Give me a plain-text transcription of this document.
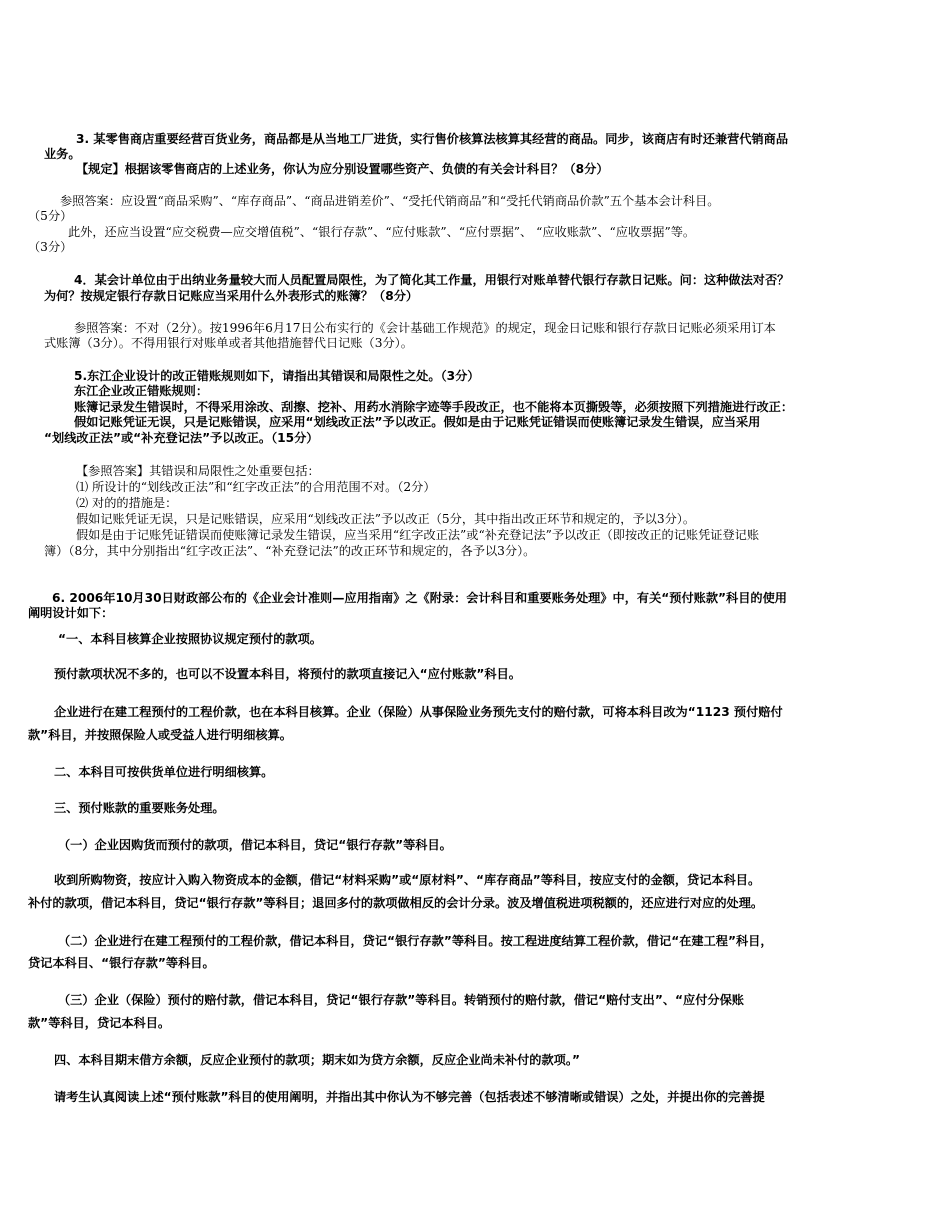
3. 某零售商店重要经营百货业务，商品都是从当地工厂进货，实行售价核算法核算其经营的商品。同步，该商店有时还兼营代销商品
业务。
【规定】根据该零售商店的上述业务，你认为应分别设置哪些资产、负债的有关会计科目？（8分）
参照答案：应设置“商品采购”、“库存商品”、“商品进销差价”、“受托代销商品”和“受托代销商品价款”五个基本会计科目。
（5分）
此外，还应当设置“应交税费—应交增值税”、“银行存款”、“应付账款”、“应付票据”、 “应收账款”、“应收票据”等。
（3分）
4．某会计单位由于出纳业务量较大而人员配置局限性，为了简化其工作量，用银行对账单替代银行存款日记账。问：这种做法对否？
为何？按规定银行存款日记账应当采用什么外表形式的账簿？（8分）
参照答案：不对（2分）。按1996年6月17日公布实行的《会计基础工作规范》的规定，现金日记账和银行存款日记账必须采用订本
式账簿（3分）。不得用银行对账单或者其他措施替代日记账（3分）。
5.东江企业设计的改正错账规则如下，请指出其错误和局限性之处。（3分）
东江企业改正错账规则：
账簿记录发生错误时，不得采用涂改、刮擦、挖补、用药水消除字迹等手段改正，也不能将本页撕毁等，必须按照下列措施进行改正：
假如记账凭证无误，只是记账错误，应采用“划线改正法”予以改正。假如是由于记账凭证错误而使账簿记录发生错误，应当采用
“划线改正法”或“补充登记法”予以改正。（15分）
【参照答案】其错误和局限性之处重要包括：
⑴ 所设计的“划线改正法”和“红字改正法”的合用范围不对。（2分）
⑵ 对的的措施是：
假如记账凭证无误，只是记账错误，应采用“划线改正法”予以改正（5分，其中指出改正环节和规定的，予以3分）。
假如是由于记账凭证错误而使账簿记录发生错误，应当采用“红字改正法”或“补充登记法”予以改正（即按改正的记账凭证登记账
簿）（8分，其中分别指出“红字改正法”、“补充登记法”的改正环节和规定的，各予以3分）。
6. 2006年10月30日财政部公布的《企业会计准则—应用指南》之《附录：会计科目和重要账务处理》中，有关“预付账款”科目的使用
阐明设计如下：
“一、本科目核算企业按照协议规定预付的款项。
预付款项状况不多的，也可以不设置本科目，将预付的款项直接记入“应付账款”科目。
企业进行在建工程预付的工程价款，也在本科目核算。企业（保险）从事保险业务预先支付的赔付款，可将本科目改为“1123 预付赔付
款”科目，并按照保险人或受益人进行明细核算。
二、本科目可按供货单位进行明细核算。
三、预付账款的重要账务处理。
（一）企业因购货而预付的款项，借记本科目，贷记“银行存款”等科目。
收到所购物资，按应计入购入物资成本的金额，借记“材料采购”或“原材料”、“库存商品”等科目，按应支付的金额，贷记本科目。
补付的款项，借记本科目，贷记“银行存款”等科目；退回多付的款项做相反的会计分录。波及增值税进项税额的，还应进行对应的处理。
（二）企业进行在建工程预付的工程价款，借记本科目，贷记“银行存款”等科目。按工程进度结算工程价款，借记“在建工程”科目，
贷记本科目、“银行存款”等科目。
（三）企业（保险）预付的赔付款，借记本科目，贷记“银行存款”等科目。转销预付的赔付款，借记“赔付支出”、“应付分保账
款”等科目，贷记本科目。
四、本科目期末借方余额，反应企业预付的款项；期末如为贷方余额，反应企业尚未补付的款项。”
请考生认真阅读上述“预付账款”科目的使用阐明，并指出其中你认为不够完善（包括表述不够清晰或错误）之处，并提出你的完善提
